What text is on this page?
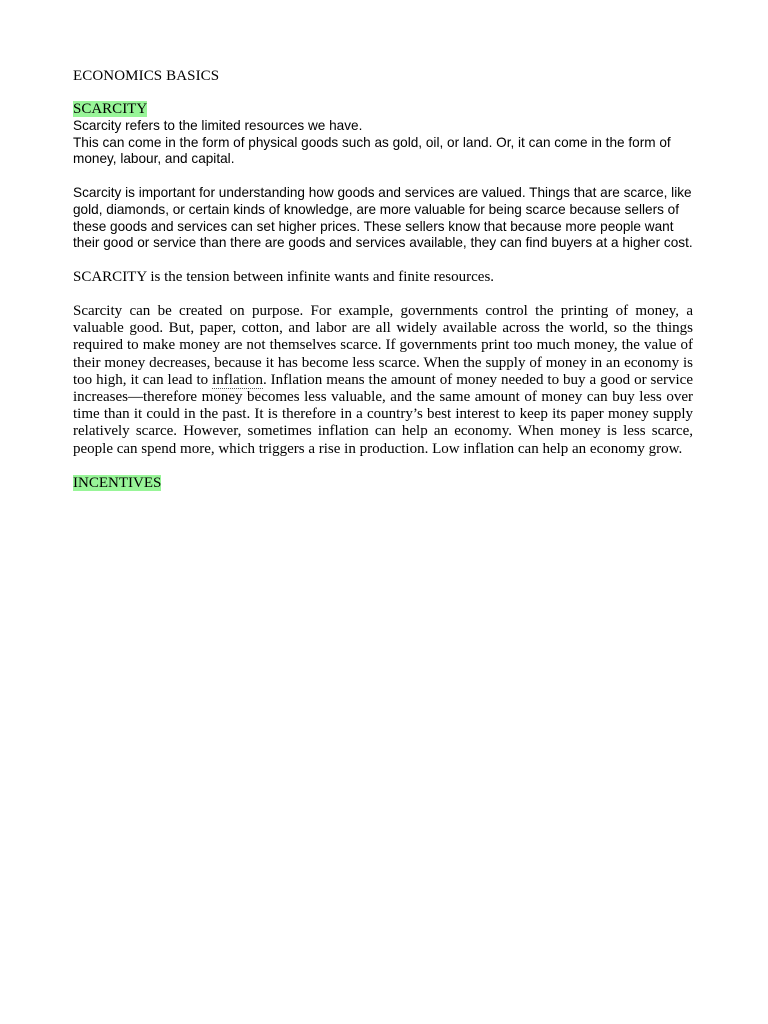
ECONOMICS BASICS
SCARCITY

Scarcity refers to the limited resources we have.

This can come in the form of physical goods such as gold, oil, or land. Or, it can come in the form of money, labour, and capital.

Scarcity is important for understanding how goods and services are valued. Things that are scarce, like gold, diamonds, or certain kinds of knowledge, are more valuable for being scarce because sellers of these goods and services can set higher prices. These sellers know that because more people want their good or service than there are goods and services available, they can find buyers at a higher cost.

SCARCITY is the tension between infinite wants and finite resources.

Scarcity can be created on purpose. For example, governments control the printing of money, a valuable good. But, paper, cotton, and labor are all widely available across the world, so the things required to make money are not themselves scarce. If governments print too much money, the value of their money decreases, because it has become less scarce. When the supply of money in an economy is too high, it can lead to inflation. Inflation means the amount of money needed to buy a good or service increases—therefore money becomes less valuable, and the same amount of money can buy less over time than it could in the past. It is therefore in a country’s best interest to keep its paper money supply relatively scarce. However, sometimes inflation can help an economy. When money is less scarce, people can spend more, which triggers a rise in production. Low inflation can help an economy grow.

INCENTIVES
